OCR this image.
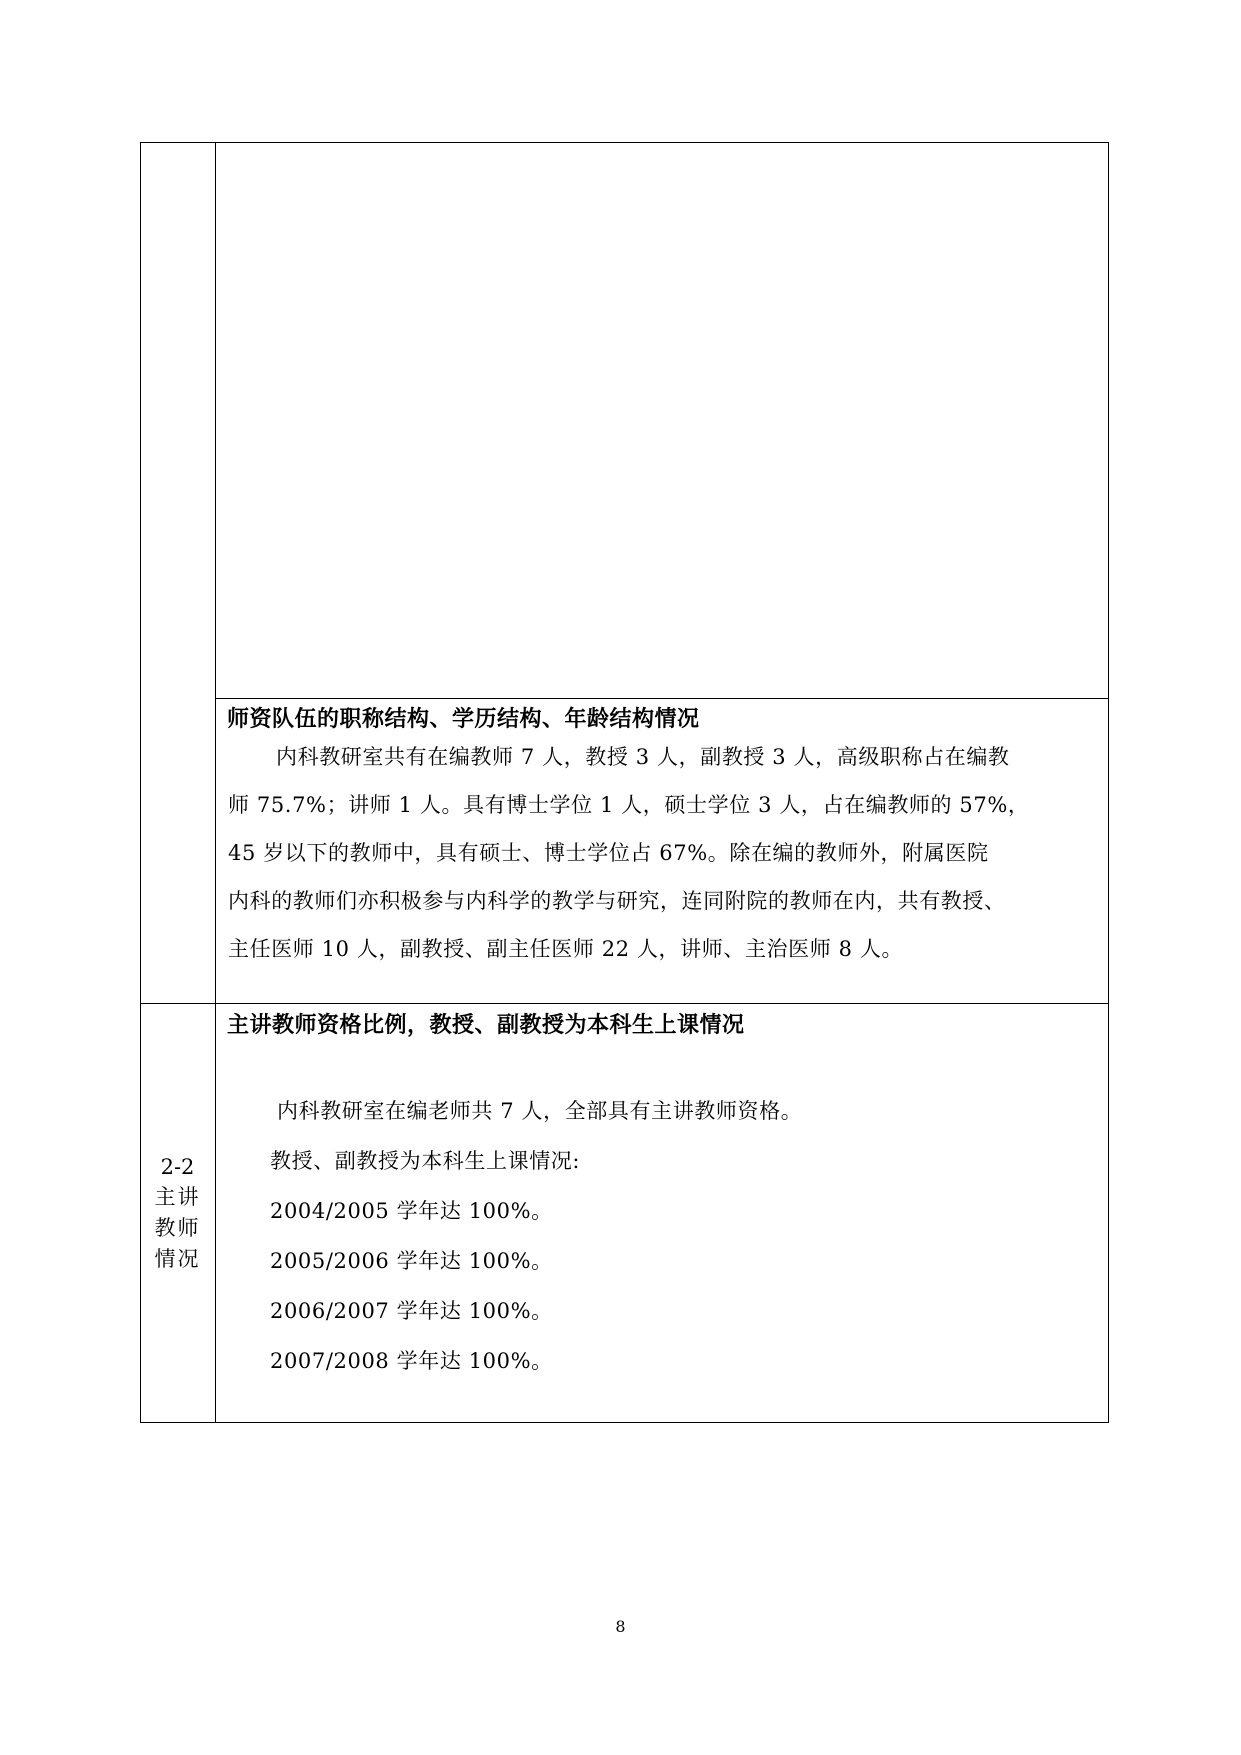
师资队伍的职称结构、学历结构、年龄结构情况
内科教研室共有在编教师 7 人，教授 3 人，副教授 3 人，高级职称占在编教
师 75.7%；讲师 1 人。具有博士学位 1 人，硕士学位 3 人，占在编教师的 57%，
45 岁以下的教师中，具有硕士、博士学位占 67%。除在编的教师外，附属医院
内科的教师们亦积极参与内科学的教学与研究，连同附院的教师在内，共有教授、
主任医师 10 人，副教授、副主任医师 22 人，讲师、主治医师 8 人。
2-2
主讲
教师
情况
主讲教师资格比例，教授、副教授为本科生上课情况
内科教研室在编老师共 7 人，全部具有主讲教师资格。
教授、副教授为本科生上课情况:
2004/2005 学年达 100%。
2005/2006 学年达 100%。
2006/2007 学年达 100%。
2007/2008 学年达 100%。
8
